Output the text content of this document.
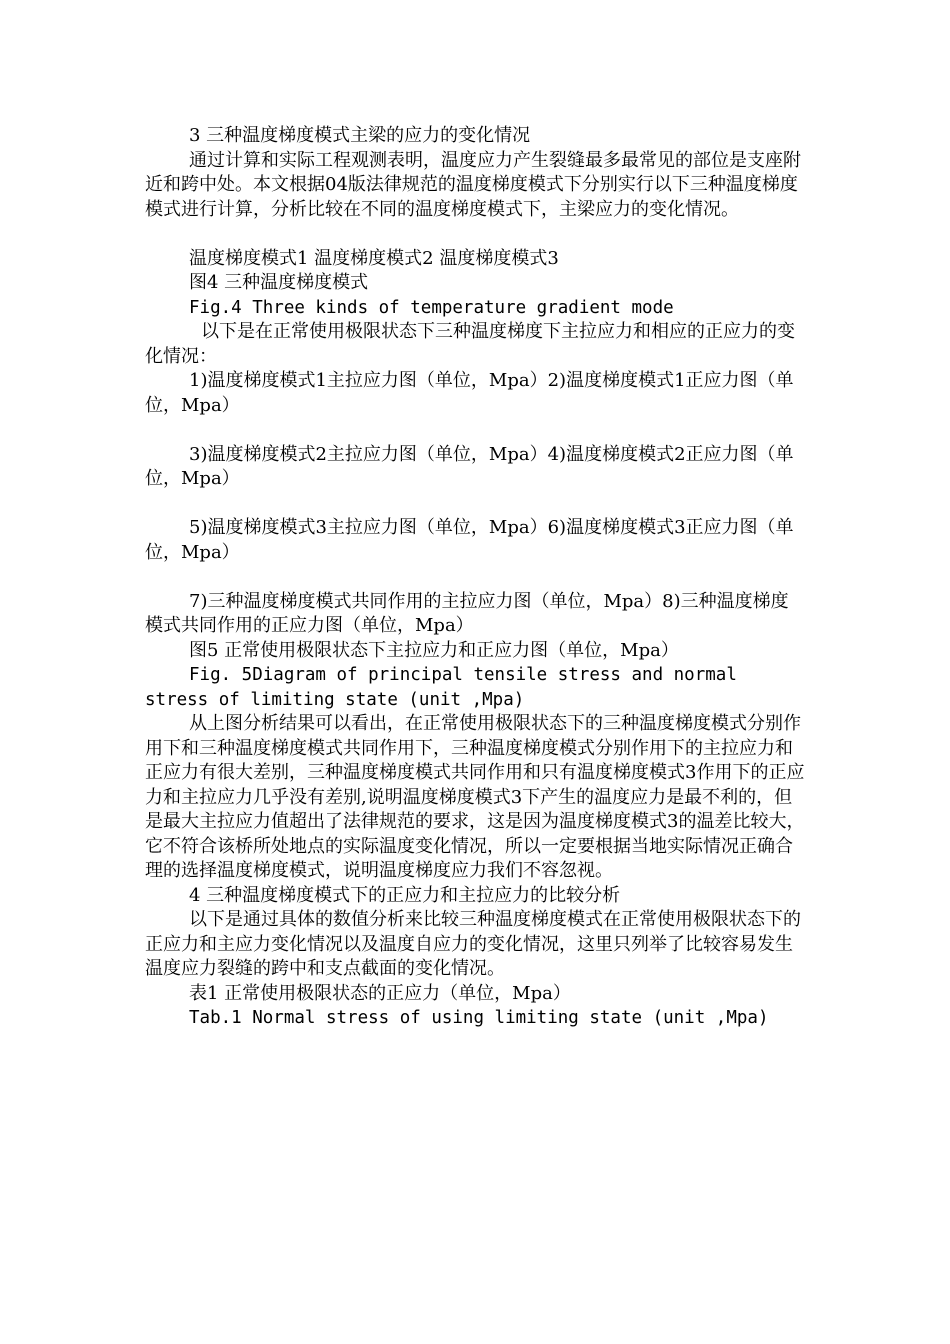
3 三种温度梯度模式主梁的应力的变化情况

通过计算和实际工程观测表明，温度应力产生裂缝最多最常见的部位是支座附近和跨中处。本文根据04版法律规范的温度梯度模式下分别实行以下三种温度梯度模式进行计算，分析比较在不同的温度梯度模式下，主梁应力的变化情况。

温度梯度模式1 温度梯度模式2 温度梯度模式3

图4 三种温度梯度模式

Fig.4 Three kinds of temperature gradient mode

以下是在正常使用极限状态下三种温度梯度下主拉应力和相应的正应力的变化情况：

1)温度梯度模式1主拉应力图（单位，Mpa）2)温度梯度模式1正应力图（单位，Mpa）

3)温度梯度模式2主拉应力图（单位，Mpa）4)温度梯度模式2正应力图（单位，Mpa）

5)温度梯度模式3主拉应力图（单位，Mpa）6)温度梯度模式3正应力图（单位，Mpa）

7)三种温度梯度模式共同作用的主拉应力图（单位，Mpa）8)三种温度梯度模式共同作用的正应力图（单位，Mpa）

图5 正常使用极限状态下主拉应力和正应力图（单位，Mpa）

Fig. 5Diagram of principal tensile stress and normal stress of limiting state (unit ,Mpa)

从上图分析结果可以看出，在正常使用极限状态下的三种温度梯度模式分别作用下和三种温度梯度模式共同作用下，三种温度梯度模式分别作用下的主拉应力和正应力有很大差别，三种温度梯度模式共同作用和只有温度梯度模式3作用下的正应力和主拉应力几乎没有差别,说明温度梯度模式3下产生的温度应力是最不利的，但是最大主拉应力值超出了法律规范的要求，这是因为温度梯度模式3的温差比较大，它不符合该桥所处地点的实际温度变化情况，所以一定要根据当地实际情况正确合理的选择温度梯度模式，说明温度梯度应力我们不容忽视。

4 三种温度梯度模式下的正应力和主拉应力的比较分析

以下是通过具体的数值分析来比较三种温度梯度模式在正常使用极限状态下的正应力和主应力变化情况以及温度自应力的变化情况，这里只列举了比较容易发生温度应力裂缝的跨中和支点截面的变化情况。

表1 正常使用极限状态的正应力（单位，Mpa）

Tab.1 Normal stress of using limiting state (unit ,Mpa)
